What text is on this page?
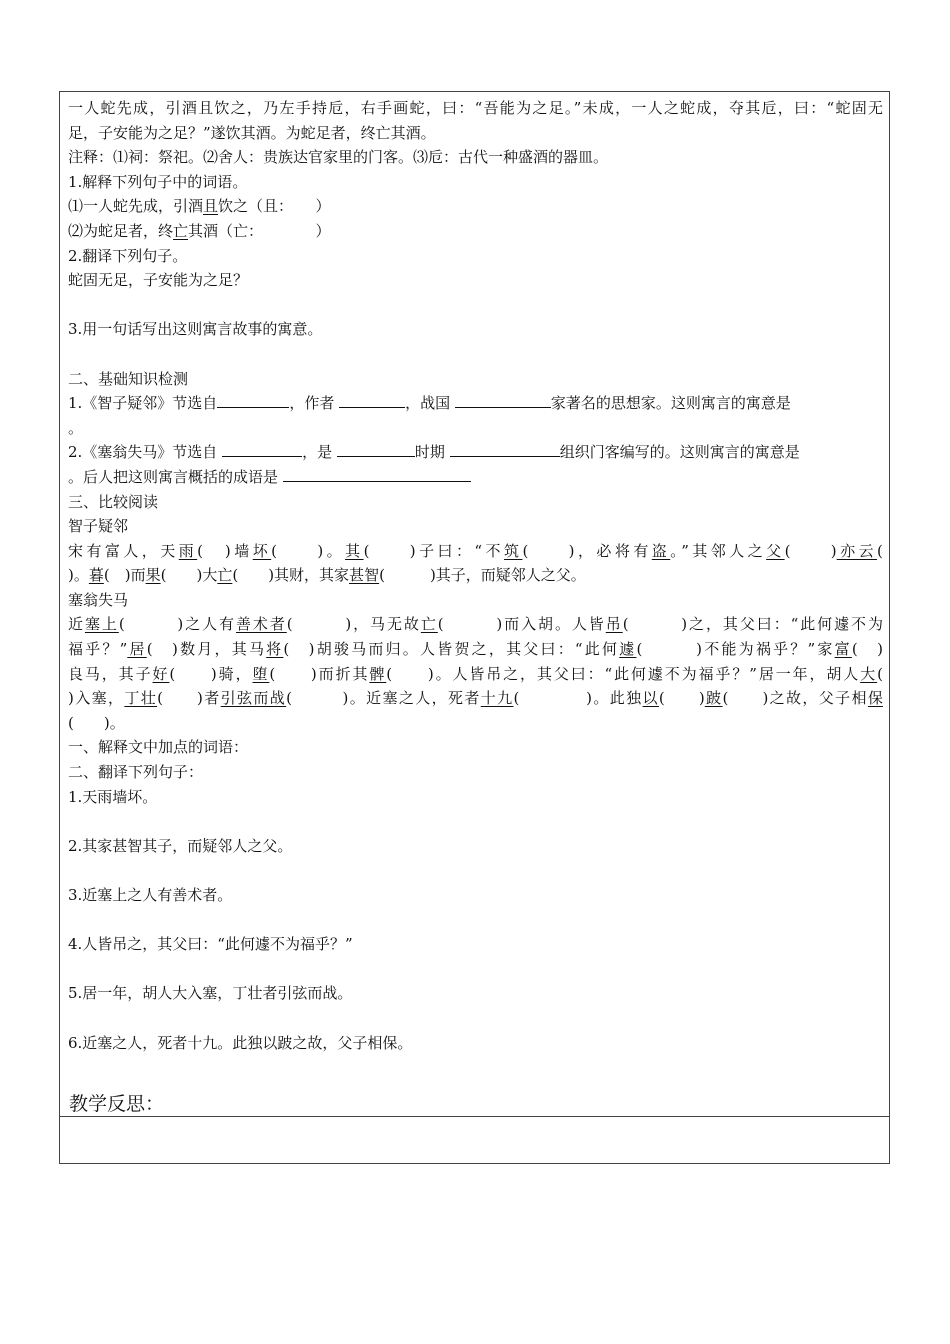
一人蛇先成，引酒且饮之，乃左手持卮，右手画蛇，曰：“吾能为之足。”未成，一人之蛇成，夺其卮，曰：“蛇固无
足，子安能为之足？”遂饮其酒。为蛇足者，终亡其酒。
注释：⑴祠：祭祀。⑵舍人：贵族达官家里的门客。⑶卮：古代一种盛酒的器皿。
1.解释下列句子中的词语。
⑴一人蛇先成，引酒且饮之（且：　　）
⑵为蛇足者，终亡其酒（亡：　　　　）
2.翻译下列句子。
蛇固无足，子安能为之足？
3.用一句话写出这则寓言故事的寓意。
二、基础知识检测
1.《智子疑邻》节选自	，作者	，战国	家著名的思想家。这则寓言的寓意是
。
2.《塞翁失马》节选自	，是	时期	组织门客编写的。这则寓言的寓意是
。后人把这则寓言概括的成语是
三、比较阅读
智子疑邻
宋有富人，天雨(　)墙坏(　　)。其(　　)子曰：“不筑(　　)，必将有盗。”其邻人之父(　　)亦云(
)。暮(　)而果(　　)大亡(　　)其财，其家甚智(　　　)其子，而疑邻人之父。
塞翁失马
近塞上(　　　)之人有善术者(　　　)，马无故亡(　　　)而入胡。人皆吊(　　　)之，其父曰：“此何遽不为
福乎？”居(　)数月，其马将(　)胡骏马而归。人皆贺之，其父曰：“此何遽(　　　)不能为祸乎？”家富(　)
良马，其子好(　　)骑，堕(　　)而折其髀(　　)。人皆吊之，其父曰：“此何遽不为福乎？”居一年，胡人大(
)入塞，丁壮(　　)者引弦而战(　　　)。近塞之人，死者十九(　　　　)。此独以(　　)跛(　　)之故，父子相保
(　　)。
一、解释文中加点的词语：
二、翻译下列句子：
1.天雨墙坏。
2.其家甚智其子，而疑邻人之父。
3.近塞上之人有善术者。
4.人皆吊之，其父曰：“此何遽不为福乎？”
5.居一年，胡人大入塞，丁壮者引弦而战。
6.近塞之人，死者十九。此独以跛之故，父子相保。
教学反思：
